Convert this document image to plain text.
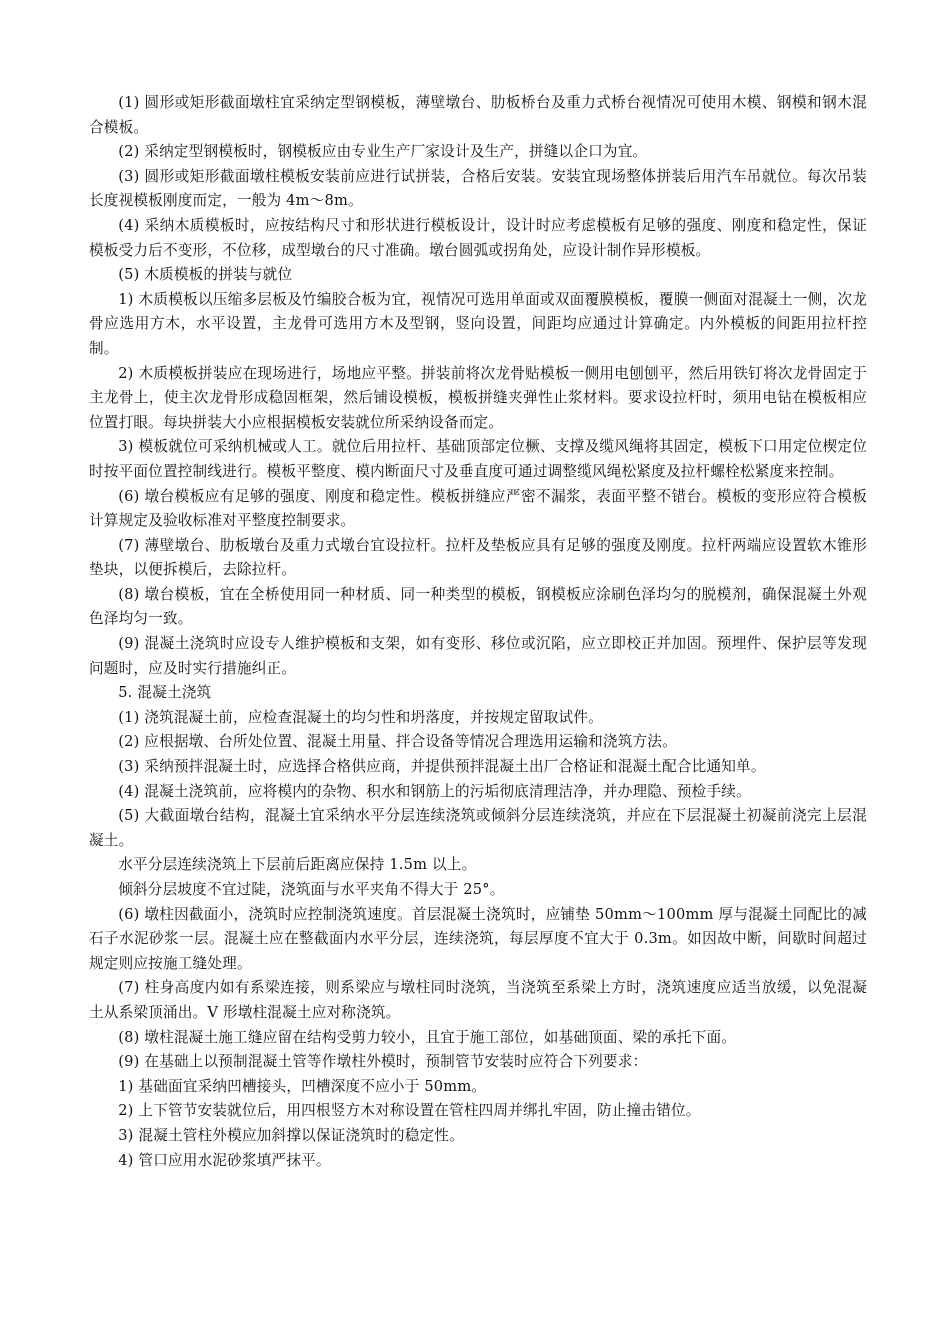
(1) 圆形或矩形截面墩柱宜采纳定型钢模板，薄壁墩台、肋板桥台及重力式桥台视情况可使用木模、钢模和钢木混合模板。

(2) 采纳定型钢模板时，钢模板应由专业生产厂家设计及生产，拼缝以企口为宜。

(3) 圆形或矩形截面墩柱模板安装前应进行试拼装，合格后安装。安装宜现场整体拼装后用汽车吊就位。每次吊装长度视模板刚度而定，一般为 4m～8m。

(4) 采纳木质模板时，应按结构尺寸和形状进行模板设计，设计时应考虑模板有足够的强度、刚度和稳定性，保证模板受力后不变形，不位移，成型墩台的尺寸准确。墩台圆弧或拐角处，应设计制作异形模板。

(5) 木质模板的拼装与就位

1) 木质模板以压缩多层板及竹编胶合板为宜，视情况可选用单面或双面覆膜模板，覆膜一侧面对混凝土一侧，次龙骨应选用方木，水平设置，主龙骨可选用方木及型钢，竖向设置，间距均应通过计算确定。内外模板的间距用拉杆控制。

2) 木质模板拼装应在现场进行，场地应平整。拼装前将次龙骨贴模板一侧用电刨刨平，然后用铁钉将次龙骨固定于主龙骨上，使主次龙骨形成稳固框架，然后铺设模板，模板拼缝夹弹性止浆材料。要求设拉杆时，须用电钻在模板相应位置打眼。每块拼装大小应根据模板安装就位所采纳设备而定。

3) 模板就位可采纳机械或人工。就位后用拉杆、基础顶部定位橛、支撑及缆风绳将其固定，模板下口用定位楔定位时按平面位置控制线进行。模板平整度、模内断面尺寸及垂直度可通过调整缆风绳松紧度及拉杆螺栓松紧度来控制。

(6) 墩台模板应有足够的强度、刚度和稳定性。模板拼缝应严密不漏浆，表面平整不错台。模板的变形应符合模板计算规定及验收标准对平整度控制要求。

(7) 薄壁墩台、肋板墩台及重力式墩台宜设拉杆。拉杆及垫板应具有足够的强度及刚度。拉杆两端应设置软木锥形垫块，以便拆模后，去除拉杆。

(8) 墩台模板，宜在全桥使用同一种材质、同一种类型的模板，钢模板应涂刷色泽均匀的脱模剂，确保混凝土外观色泽均匀一致。

(9) 混凝土浇筑时应设专人维护模板和支架，如有变形、移位或沉陷，应立即校正并加固。预埋件、保护层等发现问题时，应及时实行措施纠正。

5. 混凝土浇筑

(1) 浇筑混凝土前，应检查混凝土的均匀性和坍落度，并按规定留取试件。

(2) 应根据墩、台所处位置、混凝土用量、拌合设备等情况合理选用运输和浇筑方法。

(3) 采纳预拌混凝土时，应选择合格供应商，并提供预拌混凝土出厂合格证和混凝土配合比通知单。

(4) 混凝土浇筑前，应将模内的杂物、积水和钢筋上的污垢彻底清理洁净，并办理隐、预检手续。

(5) 大截面墩台结构，混凝土宜采纳水平分层连续浇筑或倾斜分层连续浇筑，并应在下层混凝土初凝前浇完上层混凝土。

水平分层连续浇筑上下层前后距离应保持 1.5m 以上。

倾斜分层坡度不宜过陡，浇筑面与水平夹角不得大于 25°。

(6) 墩柱因截面小，浇筑时应控制浇筑速度。首层混凝土浇筑时，应铺垫 50mm～100mm 厚与混凝土同配比的减石子水泥砂浆一层。混凝土应在整截面内水平分层，连续浇筑，每层厚度不宜大于 0.3m。如因故中断，间歇时间超过规定则应按施工缝处理。

(7) 柱身高度内如有系梁连接，则系梁应与墩柱同时浇筑，当浇筑至系梁上方时，浇筑速度应适当放缓，以免混凝土从系梁顶涌出。V 形墩柱混凝土应对称浇筑。

(8) 墩柱混凝土施工缝应留在结构受剪力较小，且宜于施工部位，如基础顶面、梁的承托下面。

(9) 在基础上以预制混凝土管等作墩柱外模时，预制管节安装时应符合下列要求：

1) 基础面宜采纳凹槽接头，凹槽深度不应小于 50mm。

2) 上下管节安装就位后，用四根竖方木对称设置在管柱四周并绑扎牢固，防止撞击错位。

3) 混凝土管柱外模应加斜撑以保证浇筑时的稳定性。

4) 管口应用水泥砂浆填严抹平。
